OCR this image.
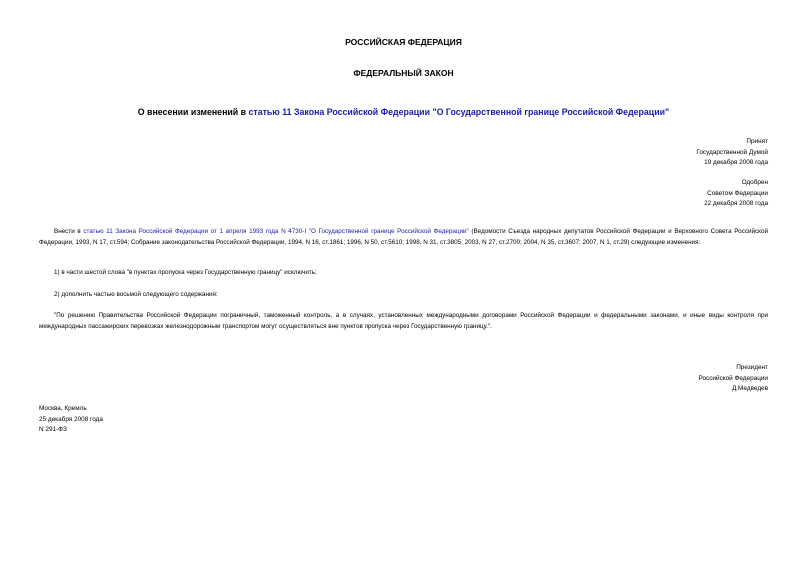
РОССИЙСКАЯ ФЕДЕРАЦИЯ
ФЕДЕРАЛЬНЫЙ ЗАКОН
О внесении изменений в статью 11 Закона Российской Федерации "О Государственной границе Российской Федерации"
Принят
Государственной Думой
19 декабря 2008 года
Одобрен
Советом Федерации
22 декабря 2008 года
Внести в статью 11 Закона Российской Федерации от 1 апреля 1993 года N 4730-I "О Государственной границе Российской Федерации" (Ведомости Съезда народных депутатов Российской Федерации и Верховного Совета Российской Федерации, 1993, N 17, ст.594; Собрание законодательства Российской Федерации, 1994, N 16, ст.1861; 1996, N 50, ст.5610; 1998, N 31, ст.3805; 2003, N 27, ст.2700; 2004, N 35, ст.3607; 2007, N 1, ст.29) следующие изменения:
1) в части шестой слова "в пунктах пропуска через Государственную границу" исключить;
2) дополнить частью восьмой следующего содержания:
"По решению Правительства Российской Федерации пограничный, таможенный контроль, а в случаях, установленных международными договорами Российской Федерации и федеральными законами, и иные виды контроля при международных пассажирских перевозках железнодорожным транспортом могут осуществляться вне пунктов пропуска через Государственную границу.".
Президент
Российской Федерации
Д.Медведев
Москва, Кремль
25 декабря 2008 года
N 291-ФЗ
